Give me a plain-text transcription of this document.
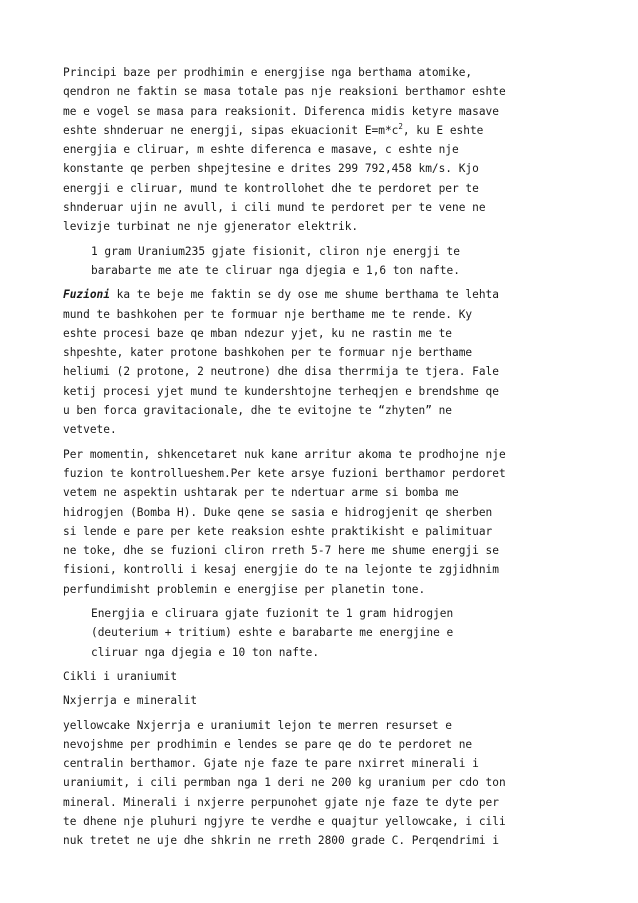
Principi baze per prodhimin e energjise nga berthama atomike,
qendron ne faktin se masa totale pas nje reaksioni berthamor eshte
me e vogel se masa para reaksionit. Diferenca midis ketyre masave
eshte shnderuar ne energji, sipas ekuacionit $E=m*c^2$, ku E eshte
energjia e cliruar, m eshte diferenca e masave, c eshte nje
konstante qe perben shpejtesine e drites 299 792,458 km/s. Kjo
energji e cliruar, mund te kontrollohet dhe te perdoret per te
shnderuar ujin ne avull, i cili mund te perdoret per te vene ne
levizje turbinat ne nje gjenerator elektrik.

1 gram Uranium235 gjate fisionit, cliron nje energji te
barabarte me ate te cliruar nga djegia e 1,6 ton nafte.

Fuzioni ka te beje me faktin se dy ose me shume berthama te lehta
mund te bashkohen per te formuar nje berthame me te rende. Ky
eshte procesi baze qe mban ndezur yjet, ku ne rastin me te
shpeshte, kater protone bashkohen per te formuar nje berthame
heliumi (2 protone, 2 neutrone) dhe disa therrmija te tjera. Fale
ketij procesi yjet mund te kundershtojne terheqjen e brendshme qe
u ben forca gravitacionale, dhe te evitojne te “zhyten” ne
vetvete.

Per momentin, shkencetaret nuk kane arritur akoma te prodhojne nje
fuzion te kontrollueshem.Per kete arsye fuzioni berthamor perdoret
vetem ne aspektin ushtarak per te ndertuar arme si bomba me
hidrogjen (Bomba H). Duke qene se sasia e hidrogjenit qe sherben
si lende e pare per kete reaksion eshte praktikisht e palimituar
ne toke, dhe se fuzioni cliron rreth 5-7 here me shume energji se
fisioni, kontrolli i kesaj energjie do te na lejonte te zgjidhnim
perfundimisht problemin e energjise per planetin tone.

Energjia e cliruara gjate fuzionit te 1 gram hidrogjen
(deuterium + tritium) eshte e barabarte me energjine e
cliruar nga djegia e 10 ton nafte.

Cikli i uraniumit

Nxjerrja e mineralit

yellowcake Nxjerrja e uraniumit lejon te merren resurset e
nevojshme per prodhimin e lendes se pare qe do te perdoret ne
centralin berthamor. Gjate nje faze te pare nxirret minerali i
uraniumit, i cili permban nga 1 deri ne 200 kg uranium per cdo ton
mineral. Minerali i nxjerre perpunohet gjate nje faze te dyte per
te dhene nje pluhuri ngjyre te verdhe e quajtur yellowcake, i cili
nuk tretet ne uje dhe shkrin ne rreth 2800 grade C. Perqendrimi i
